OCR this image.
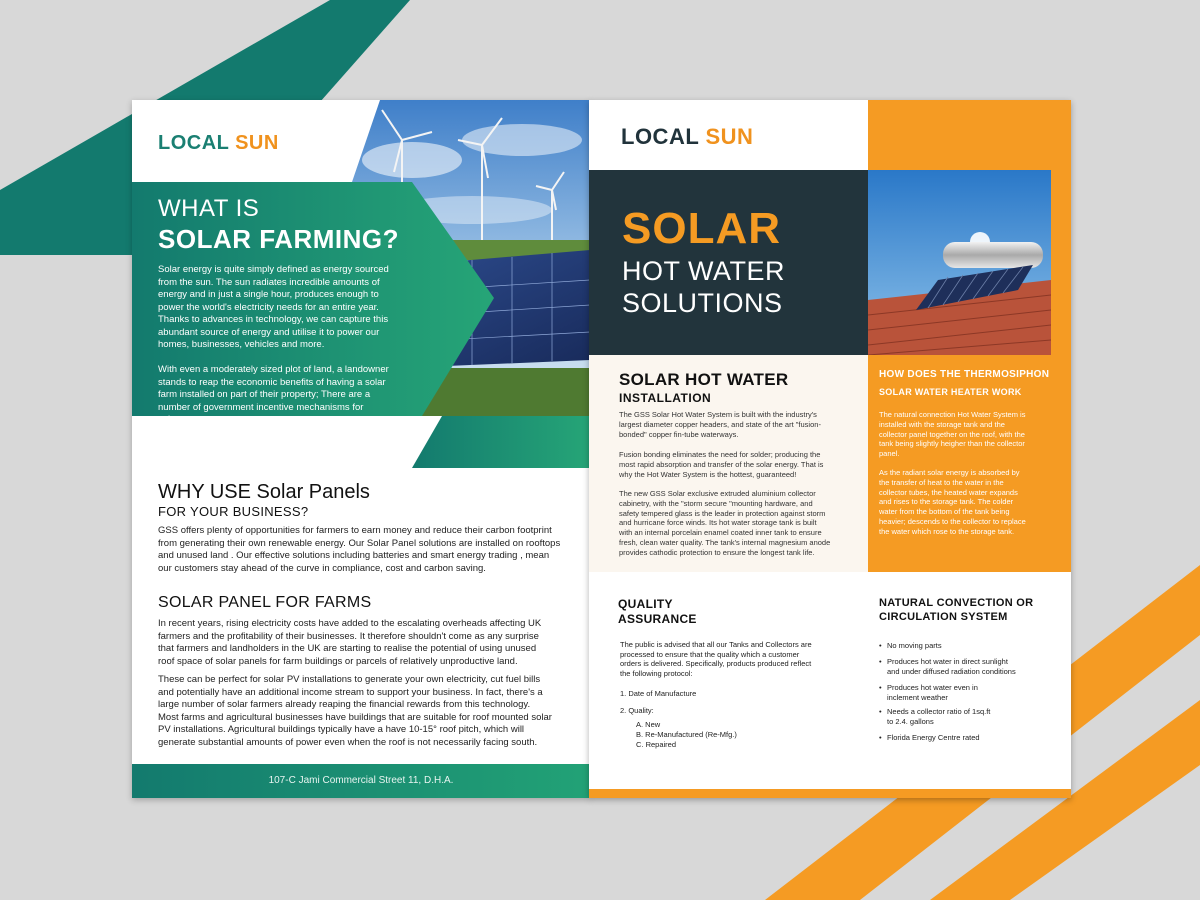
LOCAL SUN
WHAT IS
SOLAR FARMING?
Solar energy is quite simply defined as energy sourced
from the sun. The sun radiates incredible amounts of
energy and in just a single hour, produces enough to
power the world's electricity needs for an entire year.
Thanks to advances in technology, we can capture this
abundant source of energy and utilise it to power our
homes, businesses, vehicles and more.
With even a moderately sized plot of land, a landowner
stands to reap the economic benefits of having a solar
farm installed on part of their property; There are a
number of government incentive mechanisms for
solar power.
WHY USE Solar Panels
FOR YOUR BUSINESS?
GSS offers plenty of opportunities for farmers to earn money and reduce their carbon footprint
from generating their own renewable energy. Our Solar Panel solutions are installed on rooftops
and unused land . Our effective solutions including batteries and smart energy trading , mean
our customers stay ahead of the curve in compliance, cost and carbon saving.
SOLAR PANEL FOR FARMS
In recent years, rising electricity costs have added to the escalating overheads affecting UK
farmers and the profitability of their businesses. It therefore shouldn't come as any surprise
that farmers and landholders in the UK are starting to realise the potential of using unused
roof space of solar panels for farm buildings or parcels of relatively unproductive land.
These can be perfect for solar PV installations to generate your own electricity, cut fuel bills
and potentially have an additional income stream to support your business. In fact, there's a
large number of solar farmers already reaping the financial rewards from this technology.
Most farms and agricultural businesses have buildings that are suitable for roof mounted solar
PV installations. Agricultural buildings typically have a have 10-15° roof pitch, which will
generate substantial amounts of power even when the roof is not necessarily facing south.
107-C Jami Commercial Street 11, D.H.A.
LOCAL SUN
SOLAR
HOT WATER
SOLUTIONS
SOLAR HOT WATER
INSTALLATION
The GSS Solar Hot Water System is built with the industry's
largest diameter copper headers, and state of the art "fusion-
bonded" copper fin-tube waterways.
Fusion bonding eliminates the need for solder; producing the
most rapid absorption and transfer of the solar energy. That is
why the Hot Water System is the hottest, guaranteed!
The new GSS Solar exclusive extruded aluminium collector
cabinetry, with the "storm secure "mounting hardware, and
safety tempered glass is the leader in protection against storm
and hurricane force winds. Its hot water storage tank is built
with an internal porcelain enamel coated inner tank to ensure
fresh, clean water quality. The tank's internal magnesium anode
provides cathodic protection to ensure the longest tank life.
HOW DOES THE THERMOSIPHON
SOLAR WATER HEATER WORK
The natural connection Hot Water System is
installed with the storage tank and the
collector panel together on the roof, with the
tank being slightly heigher than the collector
panel.
As the radiant solar energy is absorbed by
the transfer of heat to the water in the
collector tubes, the heated water expands
and rises to the storage tank. The colder
water from the bottom of the tank being
heavier; descends to the collector to replace
the water which rose to the storage tank.
QUALITY
ASSURANCE
The public is advised that all our Tanks and Collectors are
processed to ensure that the quality which a customer
orders is delivered. Specifically, products produced reflect
the following protocol:
1. Date of Manufacture
2. Quality:
A. New
B. Re-Manufactured (Re-Mfg.)
C. Repaired
NATURAL CONVECTION OR
CIRCULATION SYSTEM
• No moving parts
• Produces hot water in direct sunlight
and under diffused radiation conditions
• Produces hot water even in
inclement weather
• Needs a collector ratio of 1sq.ft
to 2.4. gallons
• Florida Energy Centre rated
